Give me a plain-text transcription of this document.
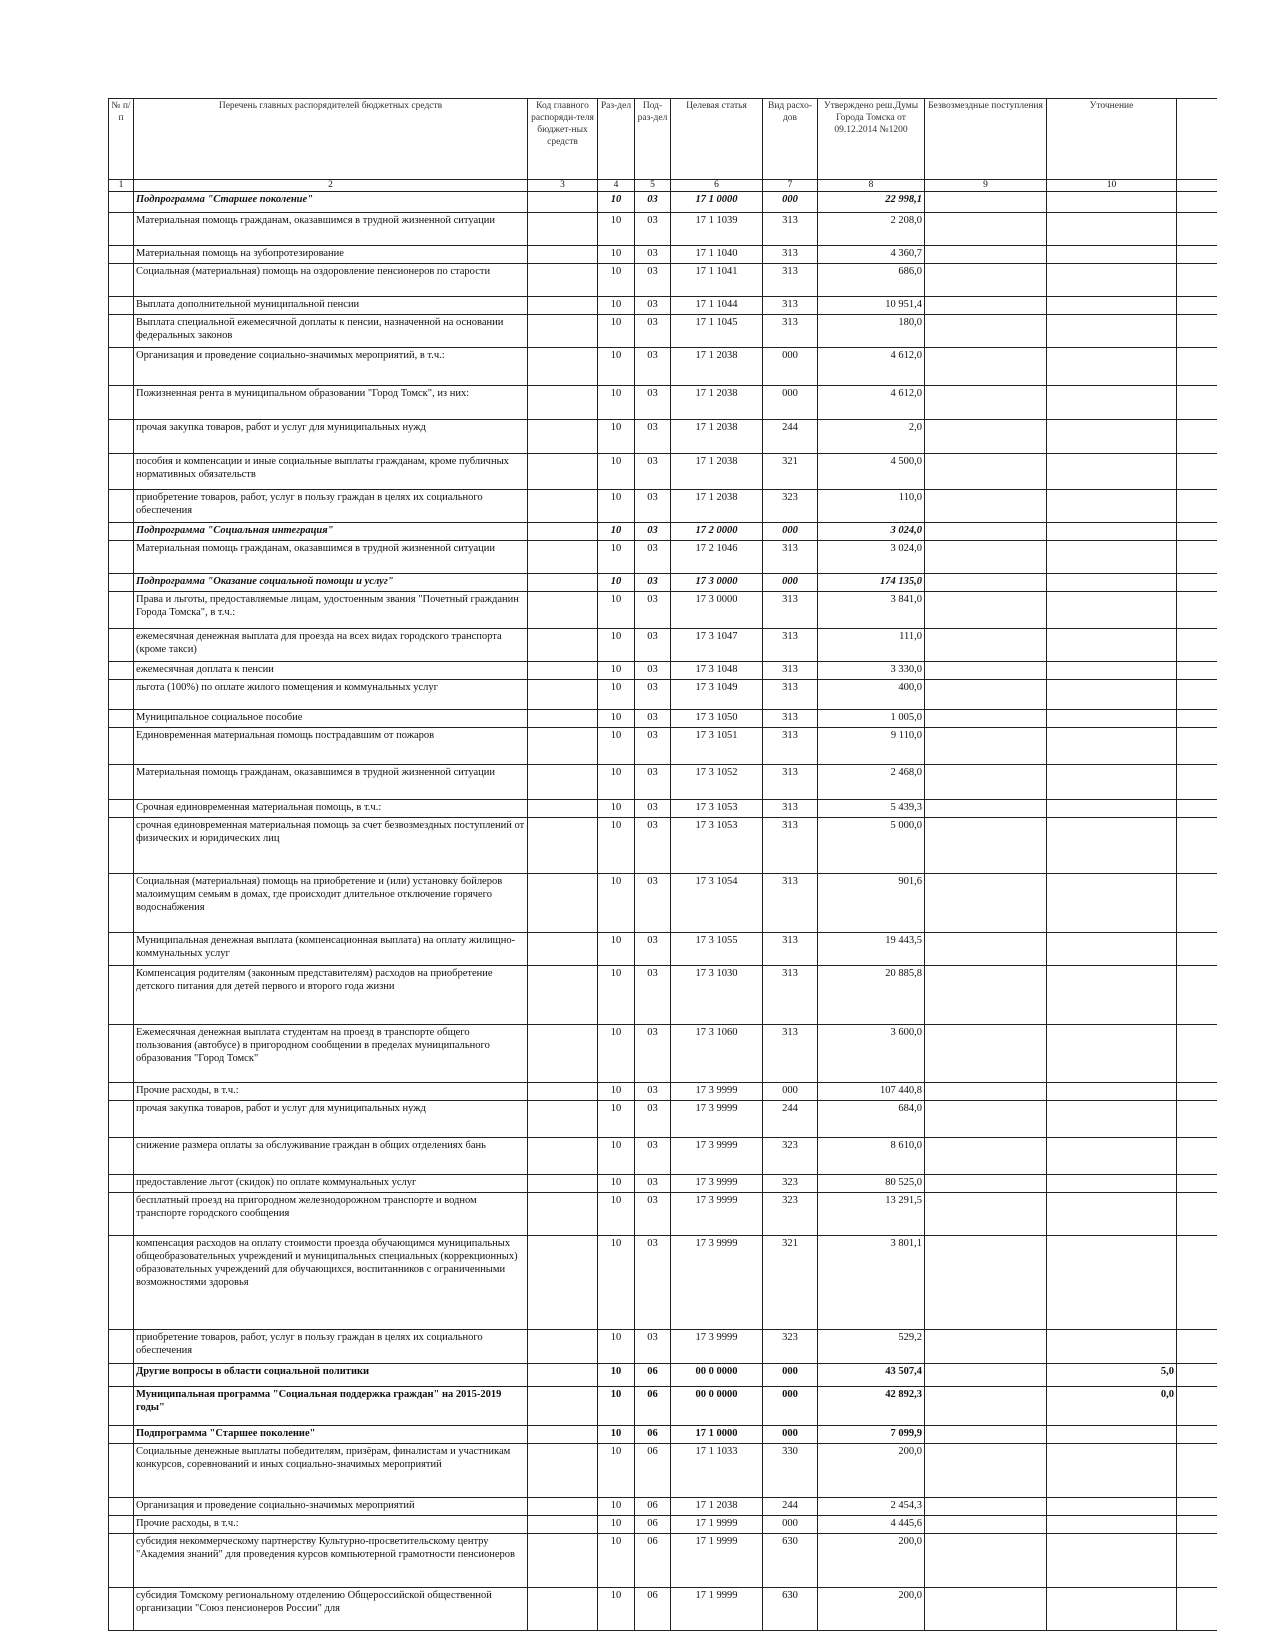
№ п/п	Перечень главных распорядителей бюджетных средств	Код главного распоряди-теля бюджет-ных средств	Раз-дел	Под-раз-дел	Целевая статья	Вид расхо-дов	Утверждено реш.Думы Города Томска от 09.12.2014 №1200	Безвозмездные поступления	Уточнение	
1	2	3	4	5	6	7	8	9	10	
	Подпрограмма "Старшее поколение"		10	03	17 1 0000	000	22 998,1			
	Материальная помощь гражданам, оказавшимся в трудной жизненной ситуации		10	03	17 1 1039	313	2 208,0			
	Материальная помощь на зубопротезирование		10	03	17 1 1040	313	4 360,7			
	Социальная (материальная) помощь на оздоровление пенсионеров по старости		10	03	17 1 1041	313	686,0			
	Выплата дополнительной муниципальной пенсии		10	03	17 1 1044	313	10 951,4			
	Выплата специальной ежемесячной доплаты к пенсии, назначенной на основании федеральных законов		10	03	17 1 1045	313	180,0			
	Организация и проведение социально-значимых мероприятий, в т.ч.:		10	03	17 1 2038	000	4 612,0			
	Пожизненная рента в муниципальном образовании "Город Томск", из них:		10	03	17 1 2038	000	4 612,0			
	прочая закупка товаров, работ и услуг для муниципальных нужд		10	03	17 1 2038	244	2,0			
	пособия и компенсации и иные социальные выплаты гражданам, кроме публичных нормативных обязательств		10	03	17 1 2038	321	4 500,0			
	приобретение товаров, работ, услуг в пользу граждан в целях их социального обеспечения		10	03	17 1 2038	323	110,0			
	Подпрограмма "Социальная интеграция"		10	03	17 2 0000	000	3 024,0			
	Материальная помощь гражданам, оказавшимся в трудной жизненной ситуации		10	03	17 2 1046	313	3 024,0			
	Подпрограмма "Оказание социальной помощи и услуг"		10	03	17 3 0000	000	174 135,0			
	Права и льготы, предоставляемые лицам, удостоенным звания "Почетный гражданин Города Томска", в т.ч.:		10	03	17 3 0000	313	3 841,0			
	ежемесячная денежная выплата для проезда на всех видах городского транспорта (кроме такси)		10	03	17 3 1047	313	111,0			
	ежемесячная доплата к пенсии		10	03	17 3 1048	313	3 330,0			
	льгота (100%) по оплате жилого помещения и коммунальных услуг		10	03	17 3 1049	313	400,0			
	Муниципальное социальное пособие		10	03	17 3 1050	313	1 005,0			
	Единовременная материальная помощь пострадавшим от пожаров		10	03	17 3 1051	313	9 110,0			
	Материальная помощь гражданам, оказавшимся в трудной жизненной ситуации		10	03	17 3 1052	313	2 468,0			
	Срочная единовременная материальная помощь, в т.ч.:		10	03	17 3 1053	313	5 439,3			
	срочная единовременная материальная помощь за счет безвозмездных поступлений от физических и юридических лиц		10	03	17 3 1053	313	5 000,0			
	Социальная (материальная) помощь на приобретение и (или) установку бойлеров малоимущим семьям в домах, где происходит длительное отключение горячего водоснабжения		10	03	17 3 1054	313	901,6			
	Муниципальная денежная выплата (компенсационная выплата) на оплату жилищно-коммунальных услуг		10	03	17 3 1055	313	19 443,5			
	Компенсация родителям (законным представителям) расходов на приобретение детского питания для детей первого и второго года жизни		10	03	17 3 1030	313	20 885,8			
	Ежемесячная денежная выплата студентам на проезд в транспорте общего пользования (автобусе) в пригородном сообщении в пределах муниципального образования "Город Томск"		10	03	17 3 1060	313	3 600,0			
	Прочие расходы, в т.ч.:		10	03	17 3 9999	000	107 440,8			
	прочая закупка товаров, работ и услуг для муниципальных нужд		10	03	17 3 9999	244	684,0			
	снижение размера оплаты за обслуживание граждан в общих отделениях бань		10	03	17 3 9999	323	8 610,0			
	предоставление льгот (скидок) по оплате коммунальных услуг		10	03	17 3 9999	323	80 525,0			
	бесплатный проезд на пригородном железнодорожном транспорте и водном транспорте городского сообщения		10	03	17 3 9999	323	13 291,5			
	компенсация расходов на оплату стоимости проезда обучающимся муниципальных общеобразовательных учреждений и муниципальных специальных (коррекционных) образовательных учреждений для обучающихся, воспитанников с ограниченными возможностями здоровья		10	03	17 3 9999	321	3 801,1			
	приобретение товаров, работ, услуг в пользу граждан в целях их социального обеспечения		10	03	17 3 9999	323	529,2			
	Другие вопросы в области социальной политики		10	06	00 0 0000	000	43 507,4		5,0	
	Муниципальная программа "Социальная поддержка граждан" на 2015-2019 годы"		10	06	00 0 0000	000	42 892,3		0,0	
	Подпрограмма "Старшее поколение"		10	06	17 1 0000	000	7 099,9			
	Социальные денежные выплаты победителям, призёрам, финалистам и участникам конкурсов, соревнований и иных социально-значимых мероприятий		10	06	17 1 1033	330	200,0			
	Организация и проведение социально-значимых мероприятий		10	06	17 1 2038	244	2 454,3			
	Прочие расходы, в т.ч.:		10	06	17 1 9999	000	4 445,6			
	субсидия некоммерческому партнерству Культурно-просветительскому центру "Академия знаний" для проведения курсов компьютерной грамотности пенсионеров		10	06	17 1 9999	630	200,0			
	субсидия Томскому региональному отделению Общероссийской общественной организации "Союз пенсионеров России" для		10	06	17 1 9999	630	200,0			
